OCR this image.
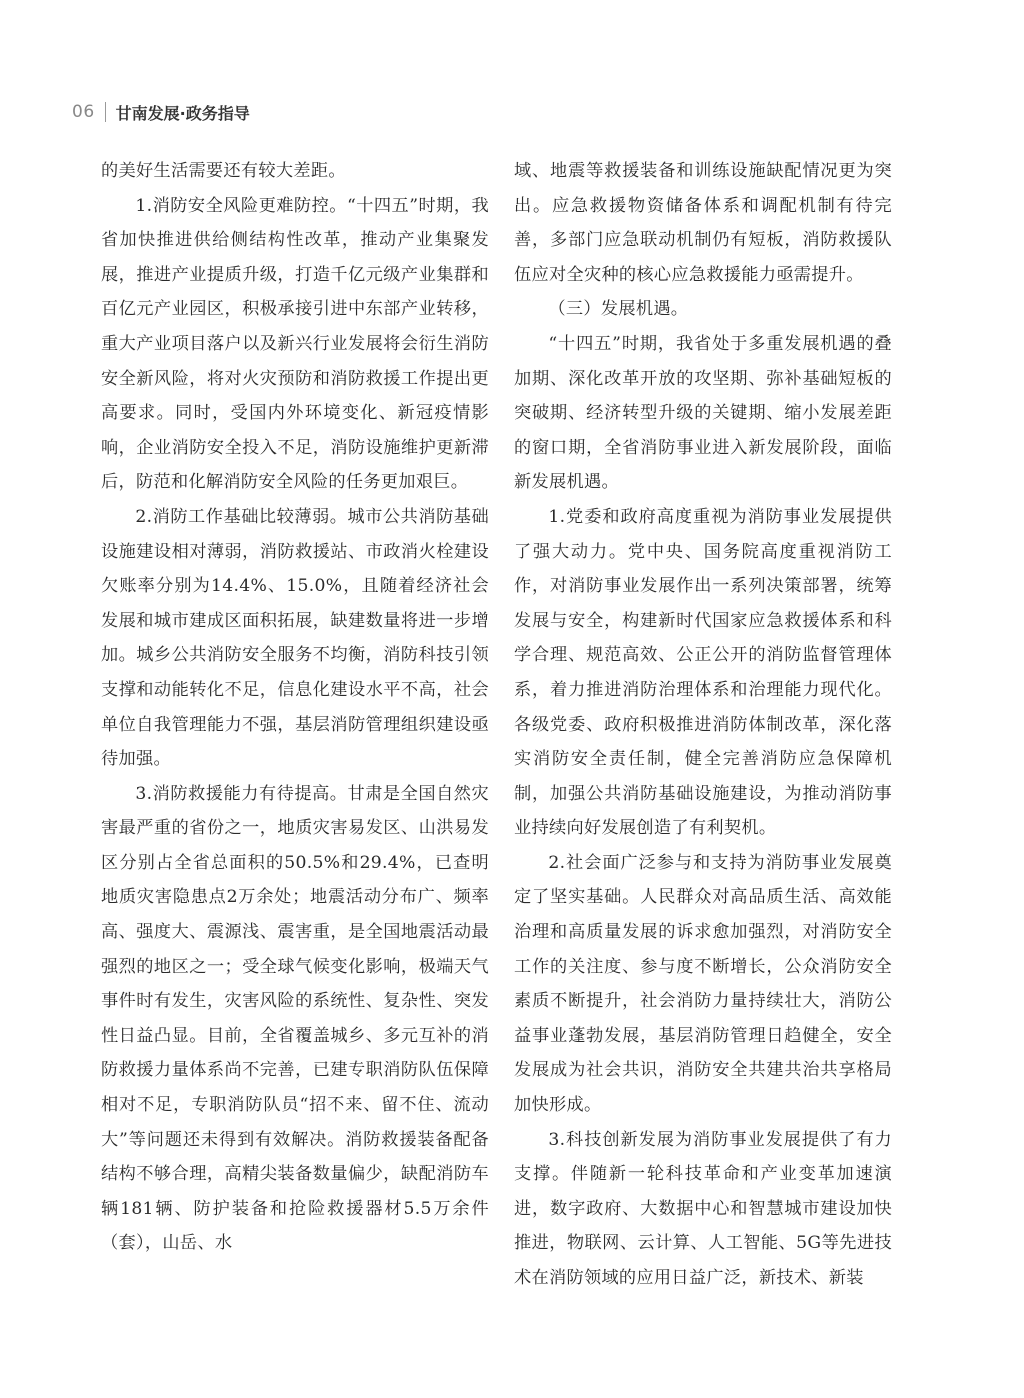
06 甘南发展·政务指导

的美好生活需要还有较大差距。

1.消防安全风险更难防控。“十四五”时期，我省加快推进供给侧结构性改革，推动产业集聚发展，推进产业提质升级，打造千亿元级产业集群和百亿元产业园区，积极承接引进中东部产业转移，重大产业项目落户以及新兴行业发展将会衍生消防安全新风险，将对火灾预防和消防救援工作提出更高要求。同时，受国内外环境变化、新冠疫情影响，企业消防安全投入不足，消防设施维护更新滞后，防范和化解消防安全风险的任务更加艰巨。

2.消防工作基础比较薄弱。城市公共消防基础设施建设相对薄弱，消防救援站、市政消火栓建设欠账率分别为14.4%、15.0%，且随着经济社会发展和城市建成区面积拓展，缺建数量将进一步增加。城乡公共消防安全服务不均衡，消防科技引领支撑和动能转化不足，信息化建设水平不高，社会单位自我管理能力不强，基层消防管理组织建设亟待加强。

3.消防救援能力有待提高。甘肃是全国自然灾害最严重的省份之一，地质灾害易发区、山洪易发区分别占全省总面积的50.5%和29.4%，已查明地质灾害隐患点2万余处；地震活动分布广、频率高、强度大、震源浅、震害重，是全国地震活动最强烈的地区之一；受全球气候变化影响，极端天气事件时有发生，灾害风险的系统性、复杂性、突发性日益凸显。目前，全省覆盖城乡、多元互补的消防救援力量体系尚不完善，已建专职消防队伍保障相对不足，专职消防队员“招不来、留不住、流动大”等问题还未得到有效解决。消防救援装备配备结构不够合理，高精尖装备数量偏少，缺配消防车辆181辆、防护装备和抢险救援器材5.5万余件（套），山岳、水

域、地震等救援装备和训练设施缺配情况更为突出。应急救援物资储备体系和调配机制有待完善，多部门应急联动机制仍有短板，消防救援队伍应对全灾种的核心应急救援能力亟需提升。

（三）发展机遇。

“十四五”时期，我省处于多重发展机遇的叠加期、深化改革开放的攻坚期、弥补基础短板的突破期、经济转型升级的关键期、缩小发展差距的窗口期，全省消防事业进入新发展阶段，面临新发展机遇。

1.党委和政府高度重视为消防事业发展提供了强大动力。党中央、国务院高度重视消防工作，对消防事业发展作出一系列决策部署，统筹发展与安全，构建新时代国家应急救援体系和科学合理、规范高效、公正公开的消防监督管理体系，着力推进消防治理体系和治理能力现代化。各级党委、政府积极推进消防体制改革，深化落实消防安全责任制，健全完善消防应急保障机制，加强公共消防基础设施建设，为推动消防事业持续向好发展创造了有利契机。

2.社会面广泛参与和支持为消防事业发展奠定了坚实基础。人民群众对高品质生活、高效能治理和高质量发展的诉求愈加强烈，对消防安全工作的关注度、参与度不断增长，公众消防安全素质不断提升，社会消防力量持续壮大，消防公益事业蓬勃发展，基层消防管理日趋健全，安全发展成为社会共识，消防安全共建共治共享格局加快形成。

3.科技创新发展为消防事业发展提供了有力支撑。伴随新一轮科技革命和产业变革加速演进，数字政府、大数据中心和智慧城市建设加快推进，物联网、云计算、人工智能、5G等先进技术在消防领域的应用日益广泛，新技术、新装
